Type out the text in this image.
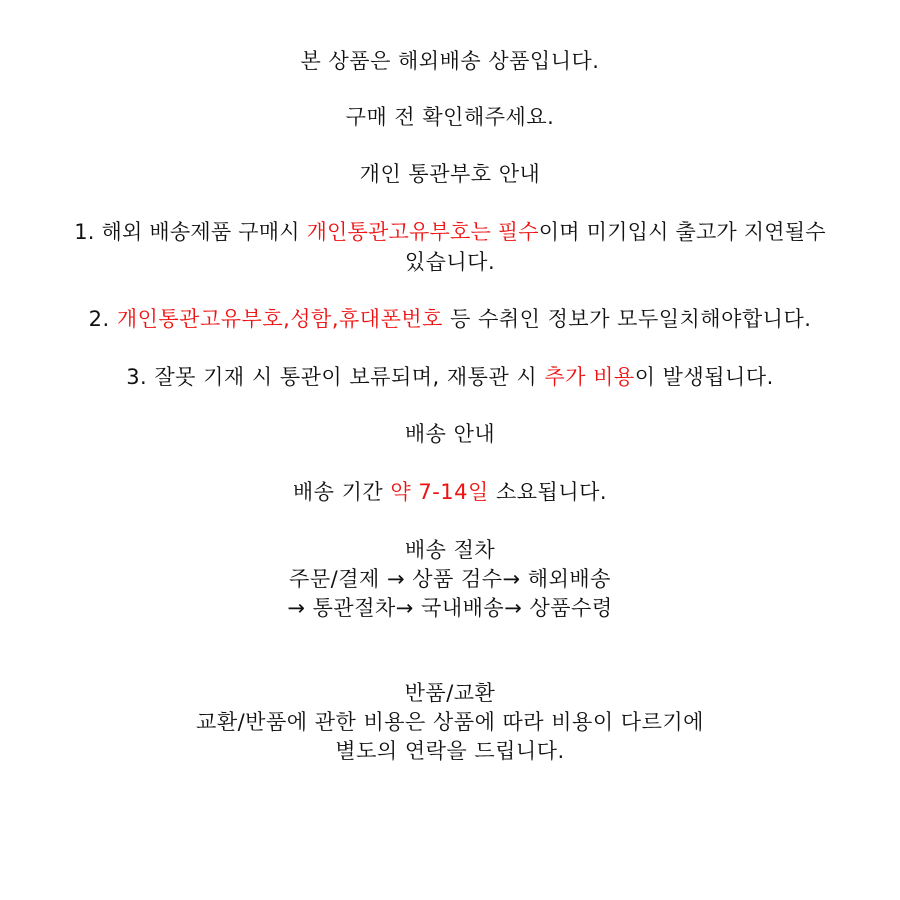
본 상품은 해외배송 상품입니다.
구매 전 확인해주세요.
개인 통관부호 안내
1. 해외 배송제품 구매시 개인통관고유부호는 필수이며 미기입시 출고가 지연될수
있습니다.
2. 개인통관고유부호,성함,휴대폰번호 등 수취인 정보가 모두일치해야합니다.
3. 잘못 기재 시 통관이 보류되며, 재통관 시 추가 비용이 발생됩니다.
배송 안내
배송 기간 약 7-14일 소요됩니다.
배송 절차
주문/결제 → 상품 검수→ 해외배송
→ 통관절차→ 국내배송→ 상품수령
반품/교환
교환/반품에 관한 비용은 상품에 따라 비용이 다르기에
별도의 연락을 드립니다.
